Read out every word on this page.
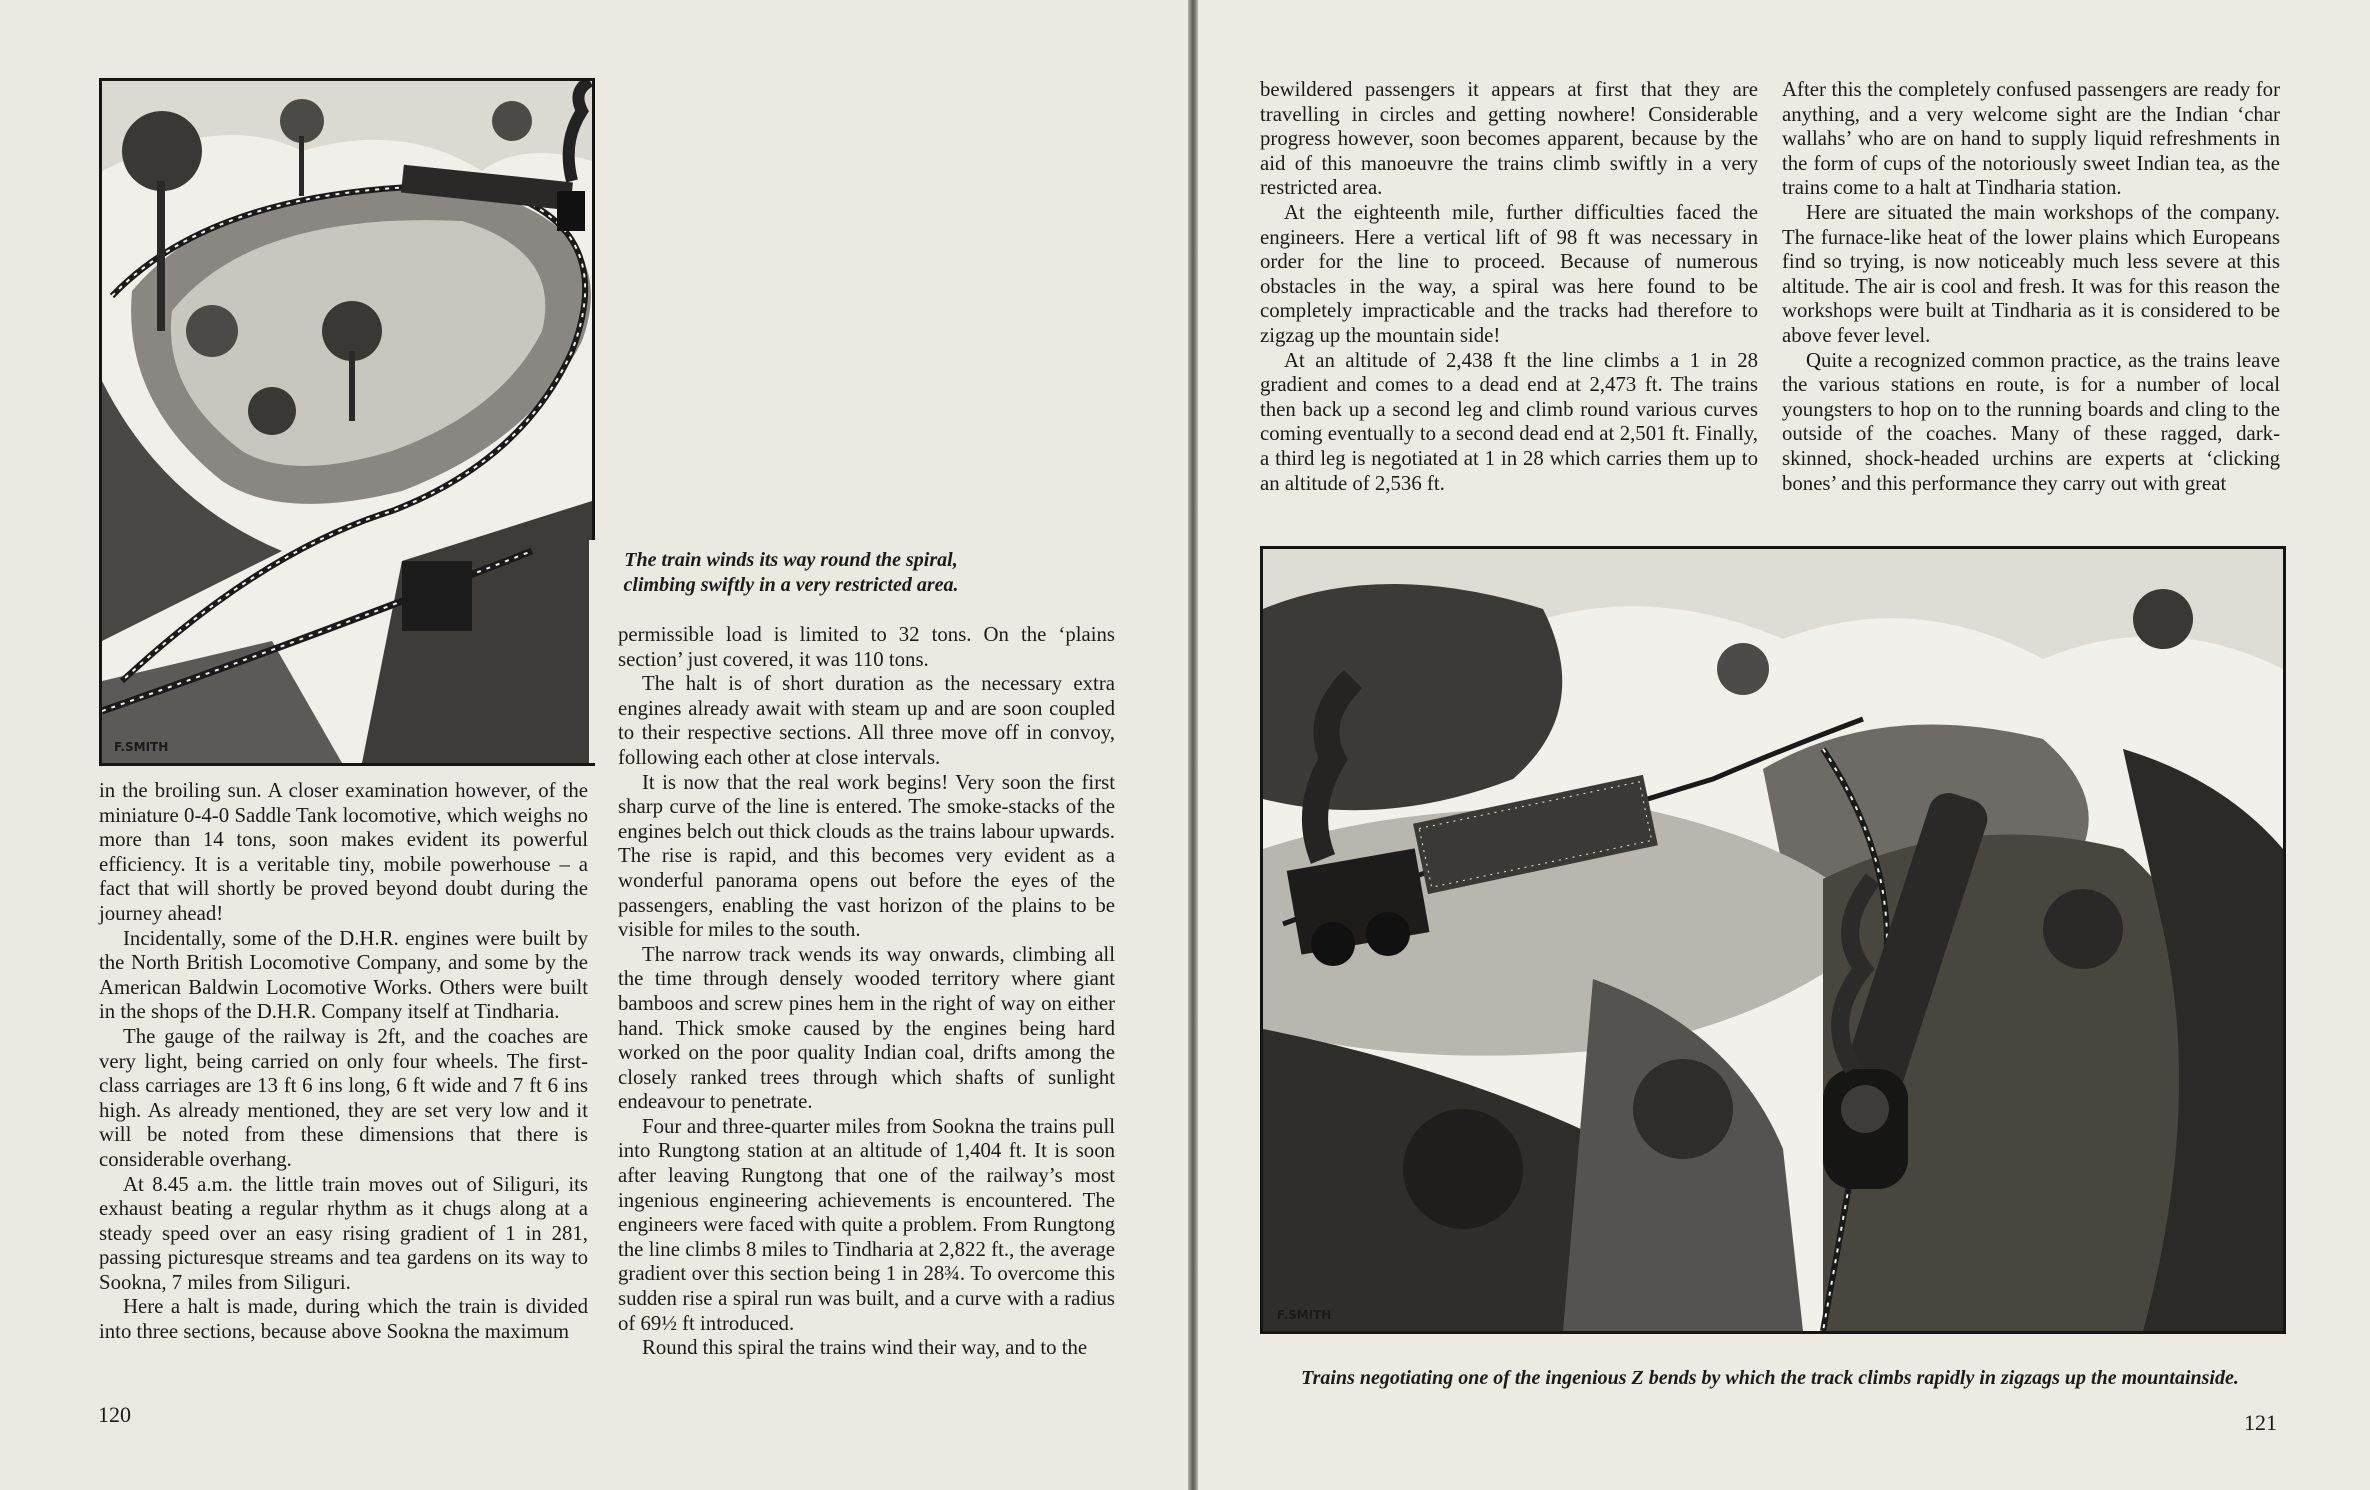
F.SMITH
The train winds its way round the spiral, climbing swiftly in a very restricted area.

in the broiling sun. A closer examination however, of the miniature 0-4-0 Saddle Tank locomotive, which weighs no more than 14 tons, soon makes evident its powerful efficiency. It is a veritable tiny, mobile powerhouse – a fact that will shortly be proved beyond doubt during the journey ahead!

Incidentally, some of the D.H.R. engines were built by the North British Locomotive Company, and some by the American Baldwin Locomotive Works. Others were built in the shops of the D.H.R. Company itself at Tindharia.

The gauge of the railway is 2ft, and the coaches are very light, being carried on only four wheels. The first-class carriages are 13 ft 6 ins long, 6 ft wide and 7 ft 6 ins high. As already mentioned, they are set very low and it will be noted from these dimensions that there is considerable overhang.

At 8.45 a.m. the little train moves out of Siliguri, its exhaust beating a regular rhythm as it chugs along at a steady speed over an easy rising gradient of 1 in 281, passing picturesque streams and tea gardens on its way to Sookna, 7 miles from Siliguri.

Here a halt is made, during which the train is divided into three sections, because above Sookna the maximum

permissible load is limited to 32 tons. On the ‘plains section’ just covered, it was 110 tons.

The halt is of short duration as the necessary extra engines already await with steam up and are soon coupled to their respective sections. All three move off in convoy, following each other at close intervals.

It is now that the real work begins! Very soon the first sharp curve of the line is entered. The smoke-stacks of the engines belch out thick clouds as the trains labour upwards. The rise is rapid, and this becomes very evident as a wonderful panorama opens out before the eyes of the passengers, enabling the vast horizon of the plains to be visible for miles to the south.

The narrow track wends its way onwards, climbing all the time through densely wooded territory where giant bamboos and screw pines hem in the right of way on either hand. Thick smoke caused by the engines being hard worked on the poor quality Indian coal, drifts among the closely ranked trees through which shafts of sunlight endeavour to penetrate.

Four and three-quarter miles from Sookna the trains pull into Rungtong station at an altitude of 1,404 ft. It is soon after leaving Rungtong that one of the railway’s most ingenious engineering achievements is encountered. The engineers were faced with quite a problem. From Rungtong the line climbs 8 miles to Tindharia at 2,822 ft., the average gradient over this section being 1 in 28¾. To overcome this sudden rise a spiral run was built, and a curve with a radius of 69½ ft introduced.

Round this spiral the trains wind their way, and to the

120

bewildered passengers it appears at first that they are travelling in circles and getting nowhere! Considerable progress however, soon becomes apparent, because by the aid of this manoeuvre the trains climb swiftly in a very restricted area.

At the eighteenth mile, further difficulties faced the engineers. Here a vertical lift of 98 ft was necessary in order for the line to proceed. Because of numerous obstacles in the way, a spiral was here found to be completely impracticable and the tracks had therefore to zigzag up the mountain side!

At an altitude of 2,438 ft the line climbs a 1 in 28 gradient and comes to a dead end at 2,473 ft. The trains then back up a second leg and climb round various curves coming eventually to a second dead end at 2,501 ft. Finally, a third leg is negotiated at 1 in 28 which carries them up to an altitude of 2,536 ft.

After this the completely confused passengers are ready for anything, and a very welcome sight are the Indian ‘char wallahs’ who are on hand to supply liquid refreshments in the form of cups of the notoriously sweet Indian tea, as the trains come to a halt at Tindharia station.

Here are situated the main workshops of the company. The furnace-like heat of the lower plains which Europeans find so trying, is now noticeably much less severe at this altitude. The air is cool and fresh. It was for this reason the workshops were built at Tindharia as it is considered to be above fever level.

Quite a recognized common practice, as the trains leave the various stations en route, is for a number of local youngsters to hop on to the running boards and cling to the outside of the coaches. Many of these ragged, dark-skinned, shock-headed urchins are experts at ‘clicking bones’ and this performance they carry out with great

F.SMITH
Trains negotiating one of the ingenious Z bends by which the track climbs rapidly in zigzags up the mountainside.
121
